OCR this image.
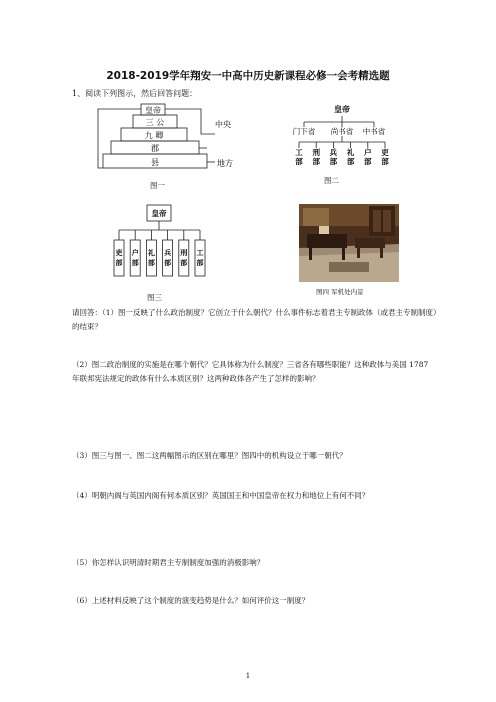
2018-2019学年翔安一中高中历史新课程必修一会考精选题
1、阅读下列图示，然后回答问题：
皇帝
三 公
九 卿
郡
县
中央
地方
图一
皇帝
门下省 尚书省 中书省
工
部
刑
部
兵
部
礼
部
户
部
吏
部
图二
皇帝
吏
部
户
部
礼
部
兵
部
刑
部
工
部
图三
图四 军机处内景
请回答：（1）图一反映了什么政治制度？它创立于什么朝代？什么事件标志着君主专制政体（或君主专制制度）的结束？
（2）图二政治制度的实施是在哪个朝代？它具体称为什么制度？三省各有哪些职能？这种政体与美国 1787 年联邦宪法规定的政体有什么本质区别？这两种政体各产生了怎样的影响？
（3）图三与图一、图二这两幅图示的区别在哪里？图四中的机构设立于哪一朝代？
（4）明朝内阁与英国内阁有何本质区别？英国国王和中国皇帝在权力和地位上有何不同？
（5）你怎样认识明清时期君主专制制度加强的消极影响？
（6）上述材料反映了这个制度的演变趋势是什么？如何评价这一制度？
1
